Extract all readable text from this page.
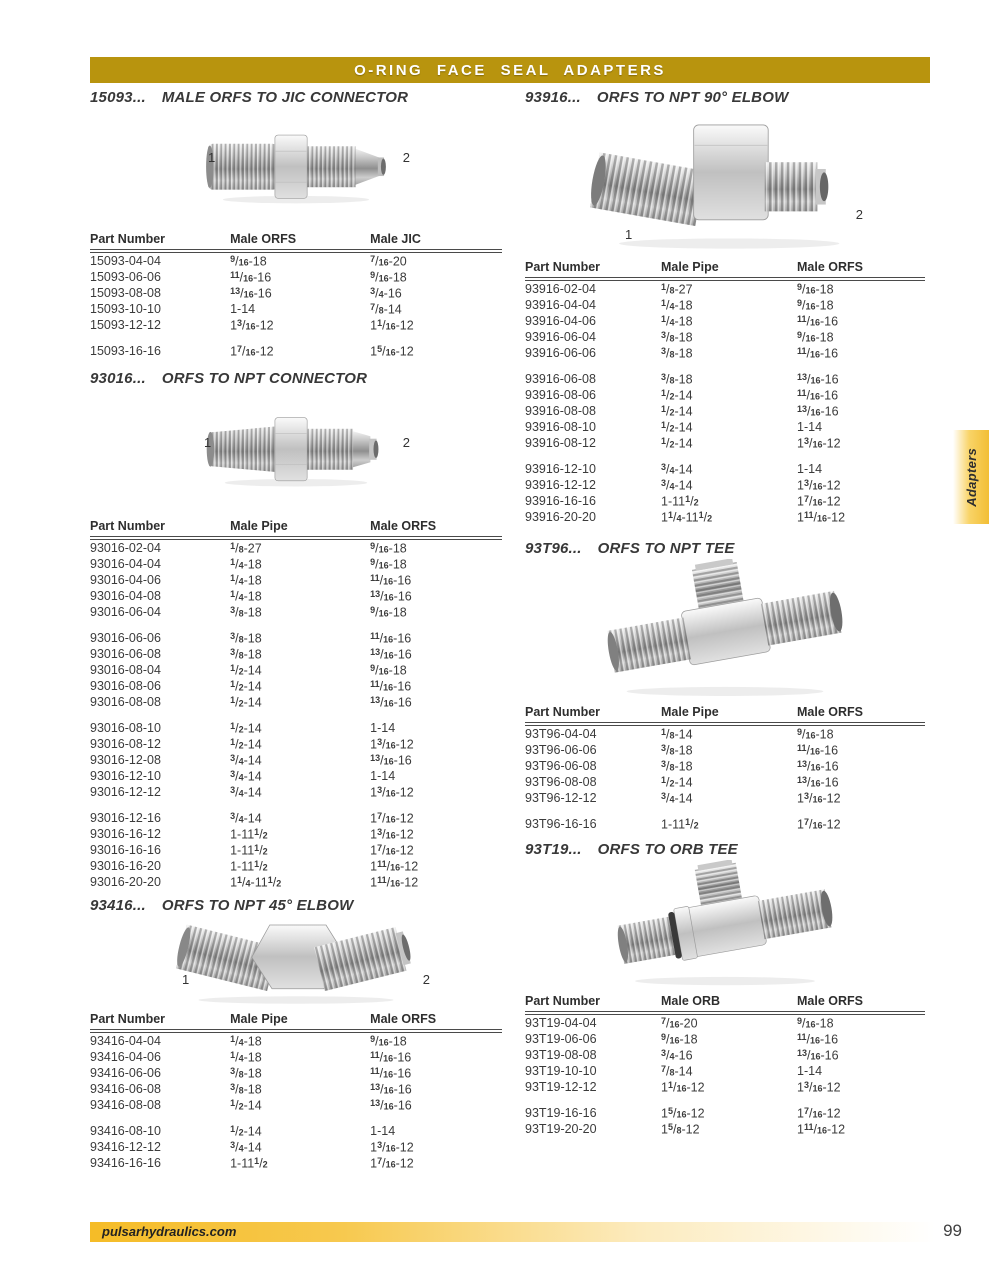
O-RING FACE SEAL ADAPTERS
15093... MALE ORFS TO JIC CONNECTOR
1	2
Part Number	Male ORFS	Male JIC
15093-04-04	$^9$/16-18	$^7$/16-20
15093-06-06	$^{11}$/16-16	$^9$/16-18
15093-08-08	$^{13}$/16-16	$^3$/4-16
15093-10-10	1-14	$^7$/8-14
15093-12-12	1$^3$/16-12	1$^1$/16-12

15093-16-16	1$^7$/16-12	1$^5$/16-12
93016... ORFS TO NPT CONNECTOR
1	2
Part Number	Male Pipe	Male ORFS
93016-02-04	$^1$/8-27	$^9$/16-18
93016-04-04	$^1$/4-18	$^9$/16-18
93016-04-06	$^1$/4-18	$^{11}$/16-16
93016-04-08	$^1$/4-18	$^{13}$/16-16
93016-06-04	$^3$/8-18	$^9$/16-18

93016-06-06	$^3$/8-18	$^{11}$/16-16
93016-06-08	$^3$/8-18	$^{13}$/16-16
93016-08-04	$^1$/2-14	$^9$/16-18
93016-08-06	$^1$/2-14	$^{11}$/16-16
93016-08-08	$^1$/2-14	$^{13}$/16-16

93016-08-10	$^1$/2-14	1-14
93016-08-12	$^1$/2-14	1$^3$/16-12
93016-12-08	$^3$/4-14	$^{13}$/16-16
93016-12-10	$^3$/4-14	1-14
93016-12-12	$^3$/4-14	1$^3$/16-12

93016-12-16	$^3$/4-14	1$^7$/16-12
93016-16-12	1-11$^1$/2	1$^3$/16-12
93016-16-16	1-11$^1$/2	1$^7$/16-12
93016-16-20	1-11$^1$/2	1$^{11}$/16-12
93016-20-20	1$^1$/4-11$^1$/2	1$^{11}$/16-12
93416... ORFS TO NPT 45° ELBOW
1	2
Part Number	Male Pipe	Male ORFS
93416-04-04	$^1$/4-18	$^9$/16-18
93416-04-06	$^1$/4-18	$^{11}$/16-16
93416-06-06	$^3$/8-18	$^{11}$/16-16
93416-06-08	$^3$/8-18	$^{13}$/16-16
93416-08-08	$^1$/2-14	$^{13}$/16-16

93416-08-10	$^1$/2-14	1-14
93416-12-12	$^3$/4-14	1$^3$/16-12
93416-16-16	1-11$^1$/2	1$^7$/16-12
93916... ORFS TO NPT 90° ELBOW
1
2
Part Number	Male Pipe	Male ORFS
93916-02-04	$^1$/8-27	$^9$/16-18
93916-04-04	$^1$/4-18	$^9$/16-18
93916-04-06	$^1$/4-18	$^{11}$/16-16
93916-06-04	$^3$/8-18	$^9$/16-18
93916-06-06	$^3$/8-18	$^{11}$/16-16

93916-06-08	$^3$/8-18	$^{13}$/16-16
93916-08-06	$^1$/2-14	$^{11}$/16-16
93916-08-08	$^1$/2-14	$^{13}$/16-16
93916-08-10	$^1$/2-14	1-14
93916-08-12	$^1$/2-14	1$^3$/16-12

93916-12-10	$^3$/4-14	1-14
93916-12-12	$^3$/4-14	1$^3$/16-12
93916-16-16	1-11$^1$/2	1$^7$/16-12
93916-20-20	1$^1$/4-11$^1$/2	1$^{11}$/16-12
93T96... ORFS TO NPT TEE
Part Number	Male Pipe	Male ORFS
93T96-04-04	$^1$/8-14	$^9$/16-18
93T96-06-06	$^3$/8-18	$^{11}$/16-16
93T96-06-08	$^3$/8-18	$^{13}$/16-16
93T96-08-08	$^1$/2-14	$^{13}$/16-16
93T96-12-12	$^3$/4-14	1$^3$/16-12

93T96-16-16	1-11$^1$/2	1$^7$/16-12
93T19... ORFS TO ORB TEE
Part Number	Male ORB	Male ORFS
93T19-04-04	$^7$/16-20	$^9$/16-18
93T19-06-06	$^9$/16-18	$^{11}$/16-16
93T19-08-08	$^3$/4-16	$^{13}$/16-16
93T19-10-10	$^7$/8-14	1-14
93T19-12-12	1$^1$/16-12	1$^3$/16-12

93T19-16-16	1$^5$/16-12	1$^7$/16-12
93T19-20-20	1$^5$/8-12	1$^{11}$/16-12
Adapters
pulsarhydraulics.com	99
